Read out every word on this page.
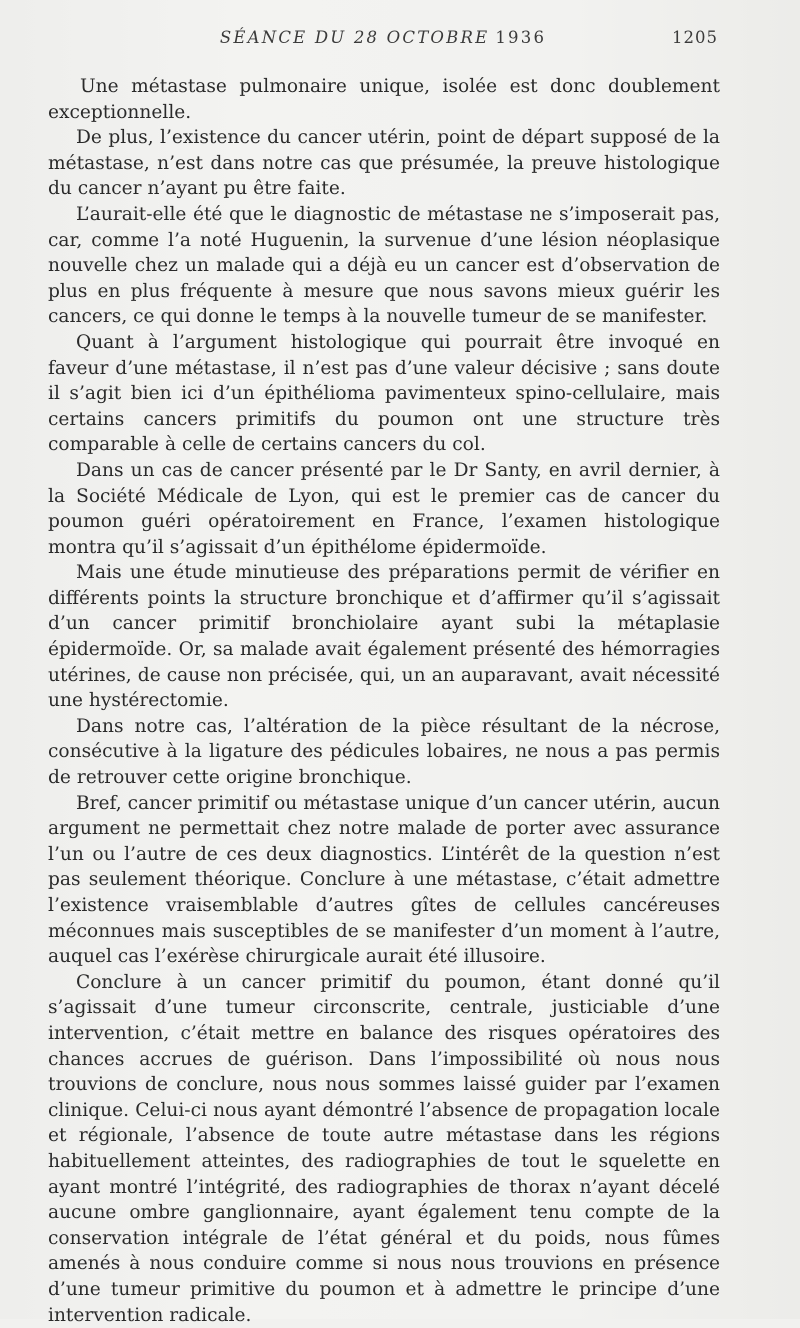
SÉANCE DU 28 OCTOBRE 1936	1205

Une métastase pulmonaire unique, isolée est donc doublement exceptionnelle.

De plus, l’existence du cancer utérin, point de départ supposé de la métastase, n’est dans notre cas que présumée, la preuve histologique du cancer n’ayant pu être faite.

L’aurait-elle été que le diagnostic de métastase ne s’imposerait pas, car, comme l’a noté Huguenin, la survenue d’une lésion néoplasique nouvelle chez un malade qui a déjà eu un cancer est d’observation de plus en plus fréquente à mesure que nous savons mieux guérir les cancers, ce qui donne le temps à la nouvelle tumeur de se manifester.

Quant à l’argument histologique qui pourrait être invoqué en faveur d’une métastase, il n’est pas d’une valeur décisive ; sans doute il s’agit bien ici d’un épithélioma pavimenteux spino-cellulaire, mais certains cancers primitifs du poumon ont une structure très comparable à celle de certains cancers du col.

Dans un cas de cancer présenté par le Dr Santy, en avril dernier, à la Société Médicale de Lyon, qui est le premier cas de cancer du poumon guéri opératoirement en France, l’examen histologique montra qu’il s’agissait d’un épithélome épidermoïde.

Mais une étude minutieuse des préparations permit de vérifier en différents points la structure bronchique et d’affirmer qu’il s’agissait d’un cancer primitif bronchiolaire ayant subi la métaplasie épidermoïde. Or, sa malade avait également présenté des hémorragies utérines, de cause non précisée, qui, un an auparavant, avait nécessité une hystérectomie.

Dans notre cas, l’altération de la pièce résultant de la nécrose, consécutive à la ligature des pédicules lobaires, ne nous a pas permis de retrouver cette origine bronchique.

Bref, cancer primitif ou métastase unique d’un cancer utérin, aucun argument ne permettait chez notre malade de porter avec assurance l’un ou l’autre de ces deux diagnostics. L’intérêt de la question n’est pas seulement théorique. Conclure à une métastase, c’était admettre l’existence vraisemblable d’autres gîtes de cellules cancéreuses méconnues mais susceptibles de se manifester d’un moment à l’autre, auquel cas l’exérèse chirurgicale aurait été illusoire.

Conclure à un cancer primitif du poumon, étant donné qu’il s’agissait d’une tumeur circonscrite, centrale, justiciable d’une intervention, c’était mettre en balance des risques opératoires des chances accrues de guérison. Dans l’impossibilité où nous nous trouvions de conclure, nous nous sommes laissé guider par l’examen clinique. Celui-ci nous ayant démontré l’absence de propagation locale et régionale, l’absence de toute autre métastase dans les régions habituellement atteintes, des radiographies de tout le squelette en ayant montré l’intégrité, des radiographies de thorax n’ayant décelé aucune ombre ganglionnaire, ayant également tenu compte de la conservation intégrale de l’état général et du poids, nous fûmes amenés à nous conduire comme si nous nous trouvions en présence d’une tumeur primitive du poumon et à admettre le principe d’une intervention radicale.
